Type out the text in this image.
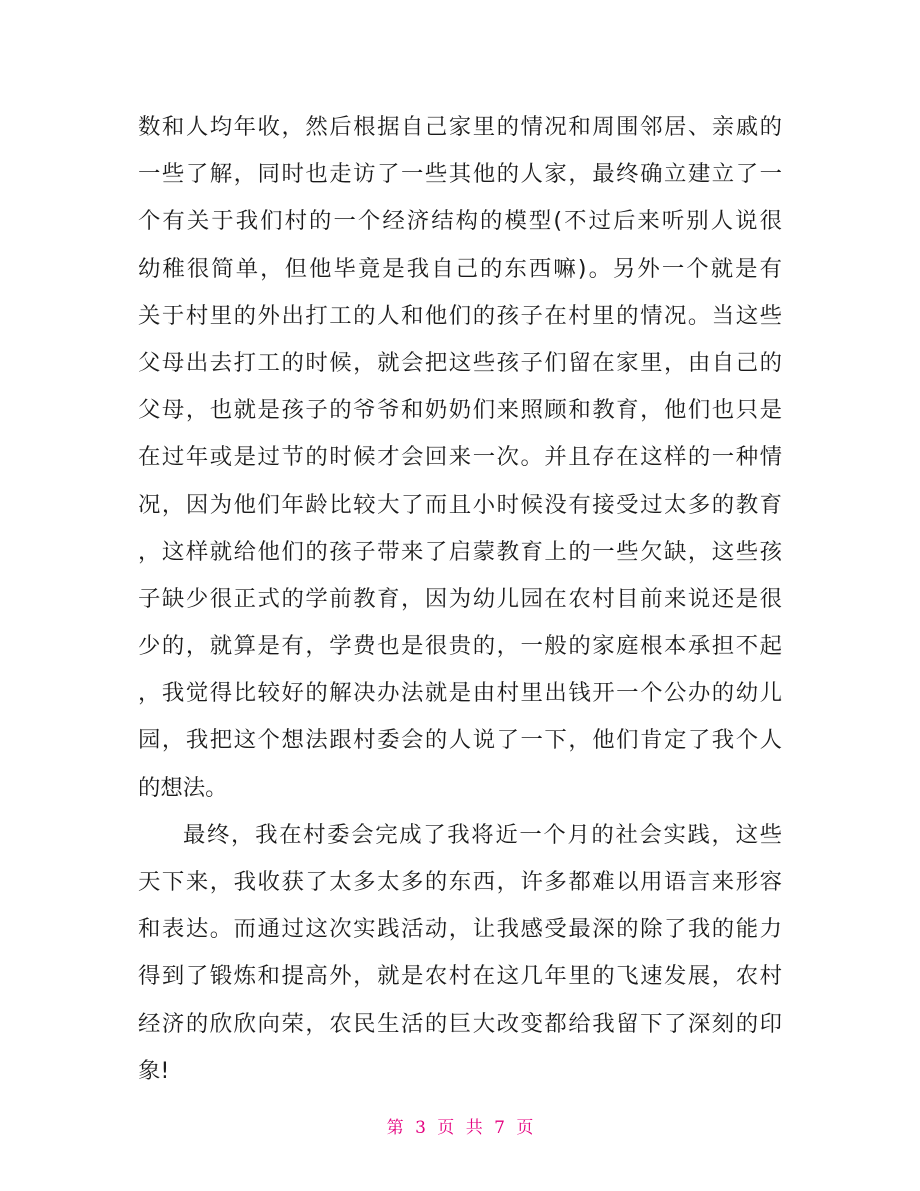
数和人均年收，然后根据自己家里的情况和周围邻居、亲戚的
一些了解，同时也走访了一些其他的人家，最终确立建立了一
个有关于我们村的一个经济结构的模型(不过后来听别人说很
幼稚很简单，但他毕竟是我自己的东西嘛)。另外一个就是有
关于村里的外出打工的人和他们的孩子在村里的情况。当这些
父母出去打工的时候，就会把这些孩子们留在家里，由自己的
父母，也就是孩子的爷爷和奶奶们来照顾和教育，他们也只是
在过年或是过节的时候才会回来一次。并且存在这样的一种情
况，因为他们年龄比较大了而且小时候没有接受过太多的教育
，这样就给他们的孩子带来了启蒙教育上的一些欠缺，这些孩
子缺少很正式的学前教育，因为幼儿园在农村目前来说还是很
少的，就算是有，学费也是很贵的，一般的家庭根本承担不起
，我觉得比较好的解决办法就是由村里出钱开一个公办的幼儿
园，我把这个想法跟村委会的人说了一下，他们肯定了我个人
的想法。
最终，我在村委会完成了我将近一个月的社会实践，这些
天下来，我收获了太多太多的东西，许多都难以用语言来形容
和表达。而通过这次实践活动，让我感受最深的除了我的能力
得到了锻炼和提高外，就是农村在这几年里的飞速发展，农村
经济的欣欣向荣，农民生活的巨大改变都给我留下了深刻的印
象!
第 3 页 共 7 页
